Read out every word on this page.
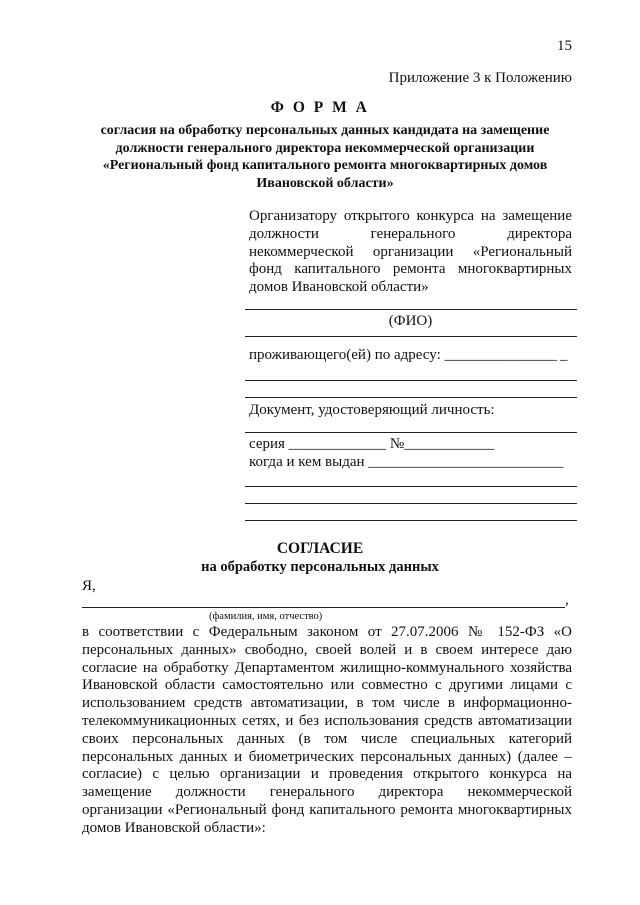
15
Приложение 3 к Положению
Ф О Р М А
согласия на обработку персональных данных кандидата на замещение
должности генерального директора некоммерческой организации
«Региональный фонд капитального ремонта многоквартирных домов
Ивановской области»
Организатору открытого конкурса на замещение
должности генерального директора
некоммерческой организации «Региональный
фонд капитального ремонта многоквартирных
домов Ивановской области»
(ФИО)
проживающего(ей) по адресу: _______________ _
Документ, удостоверяющий личность:
серия _____________ №____________
когда и кем выдан __________________________
СОГЛАСИЕ
на обработку персональных данных
Я,
,
(фамилия, имя, отчество)
в соответствии с Федеральным законом от 27.07.2006 № 152-ФЗ «О
персональных данных» свободно, своей волей и в своем интересе даю
согласие на обработку Департаментом жилищно-коммунального хозяйства
Ивановской области самостоятельно или совместно с другими лицами с
использованием средств автоматизации, в том числе в информационно-
телекоммуникационных сетях, и без использования средств автоматизации
своих персональных данных (в том числе специальных категорий
персональных данных и биометрических персональных данных) (далее –
согласие) с целью организации и проведения открытого конкурса на
замещение должности генерального директора некоммерческой
организации «Региональный фонд капитального ремонта многоквартирных
домов Ивановской области»:
